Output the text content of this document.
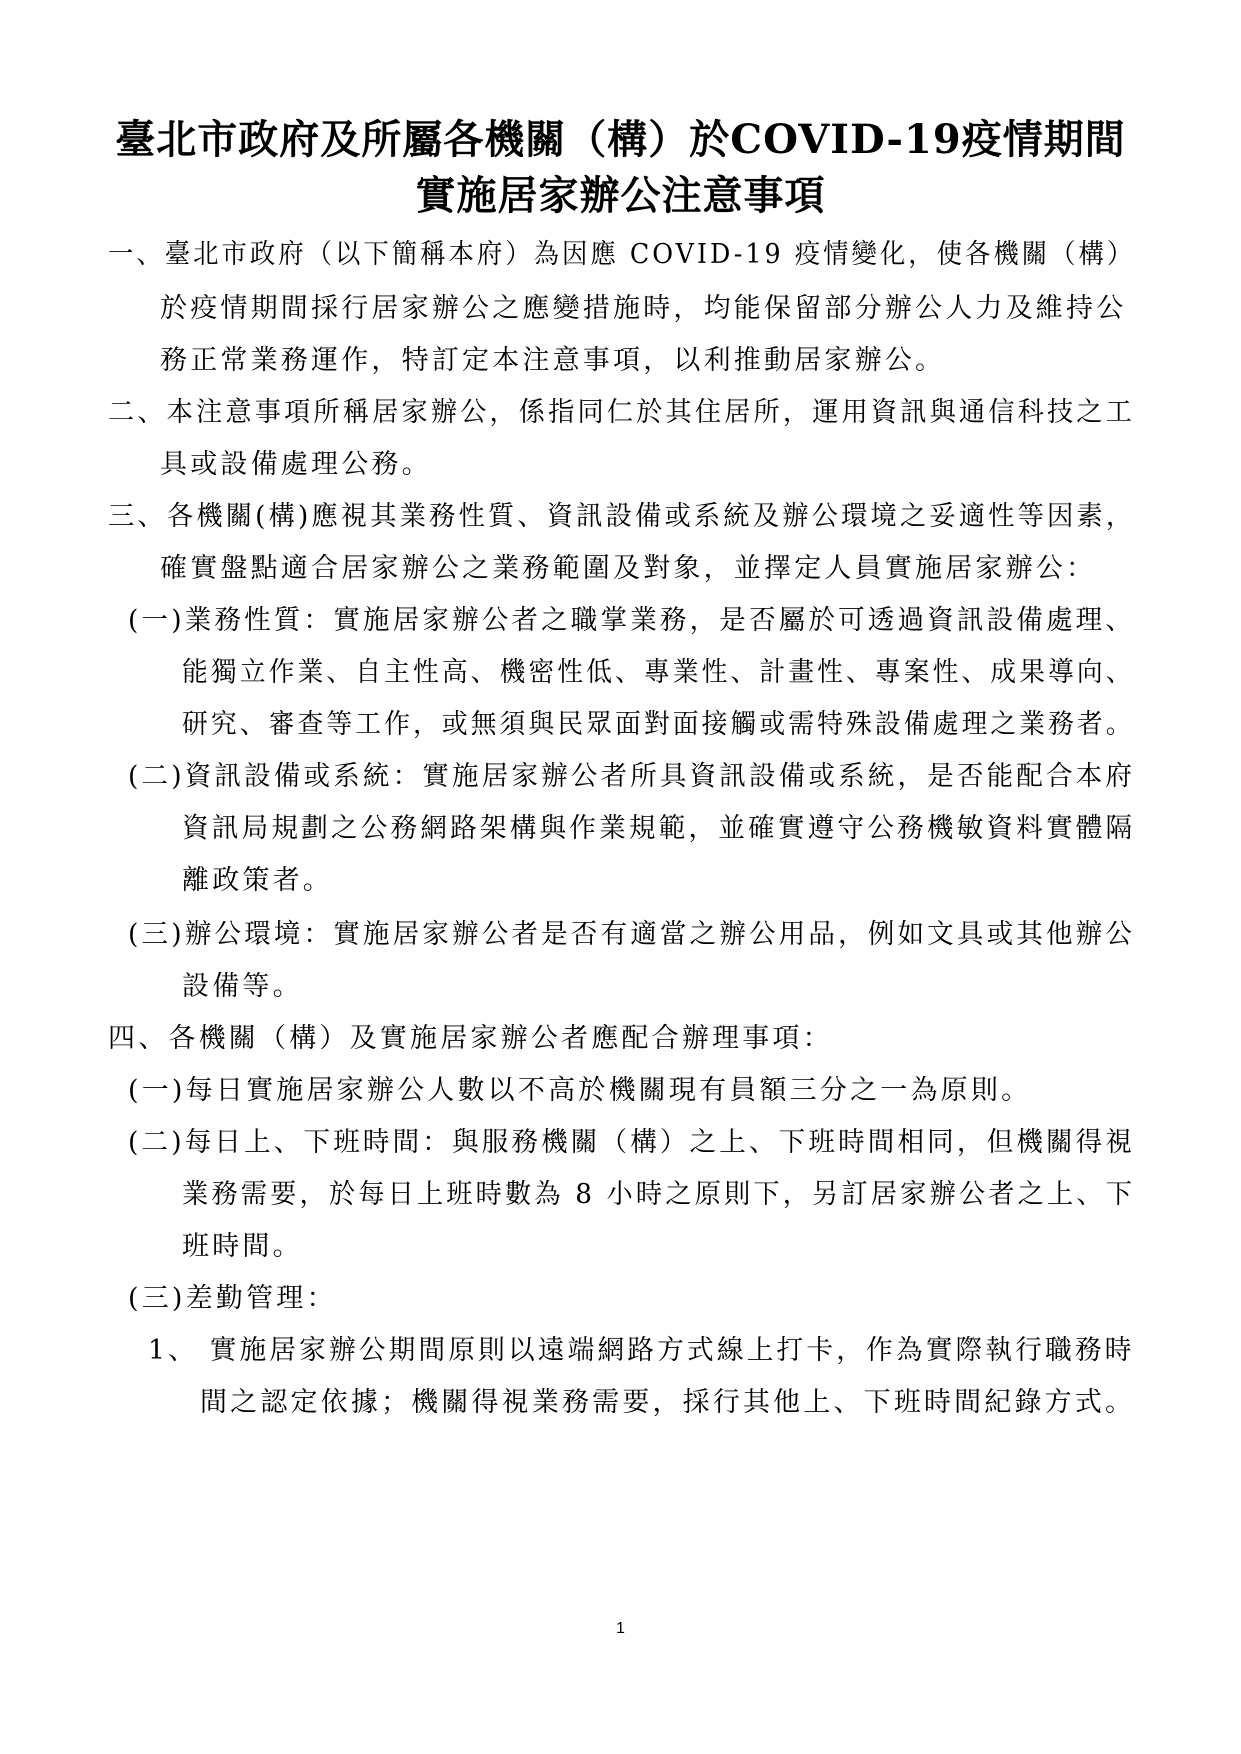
臺北市政府及所屬各機關（構）於COVID-19疫情期間
實施居家辦公注意事項
一、臺北市政府（以下簡稱本府）為因應 COVID-19 疫情變化，使各機關（構）
於疫情期間採行居家辦公之應變措施時，均能保留部分辦公人力及維持公
務正常業務運作，特訂定本注意事項，以利推動居家辦公。
二、本注意事項所稱居家辦公，係指同仁於其住居所，運用資訊與通信科技之工
具或設備處理公務。
三、各機關(構)應視其業務性質、資訊設備或系統及辦公環境之妥適性等因素，
確實盤點適合居家辦公之業務範圍及對象，並擇定人員實施居家辦公：
(一)業務性質：實施居家辦公者之職掌業務，是否屬於可透過資訊設備處理、
能獨立作業、自主性高、機密性低、專業性、計畫性、專案性、成果導向、
研究、審查等工作，或無須與民眾面對面接觸或需特殊設備處理之業務者。
(二)資訊設備或系統：實施居家辦公者所具資訊設備或系統，是否能配合本府
資訊局規劃之公務網路架構與作業規範，並確實遵守公務機敏資料實體隔
離政策者。
(三)辦公環境：實施居家辦公者是否有適當之辦公用品，例如文具或其他辦公
設備等。
四、各機關（構）及實施居家辦公者應配合辦理事項：
(一)每日實施居家辦公人數以不高於機關現有員額三分之一為原則。
(二)每日上、下班時間：與服務機關（構）之上、下班時間相同，但機關得視
業務需要，於每日上班時數為 8 小時之原則下，另訂居家辦公者之上、下
班時間。
(三)差勤管理：
1、 實施居家辦公期間原則以遠端網路方式線上打卡，作為實際執行職務時
間之認定依據；機關得視業務需要，採行其他上、下班時間紀錄方式。
1
